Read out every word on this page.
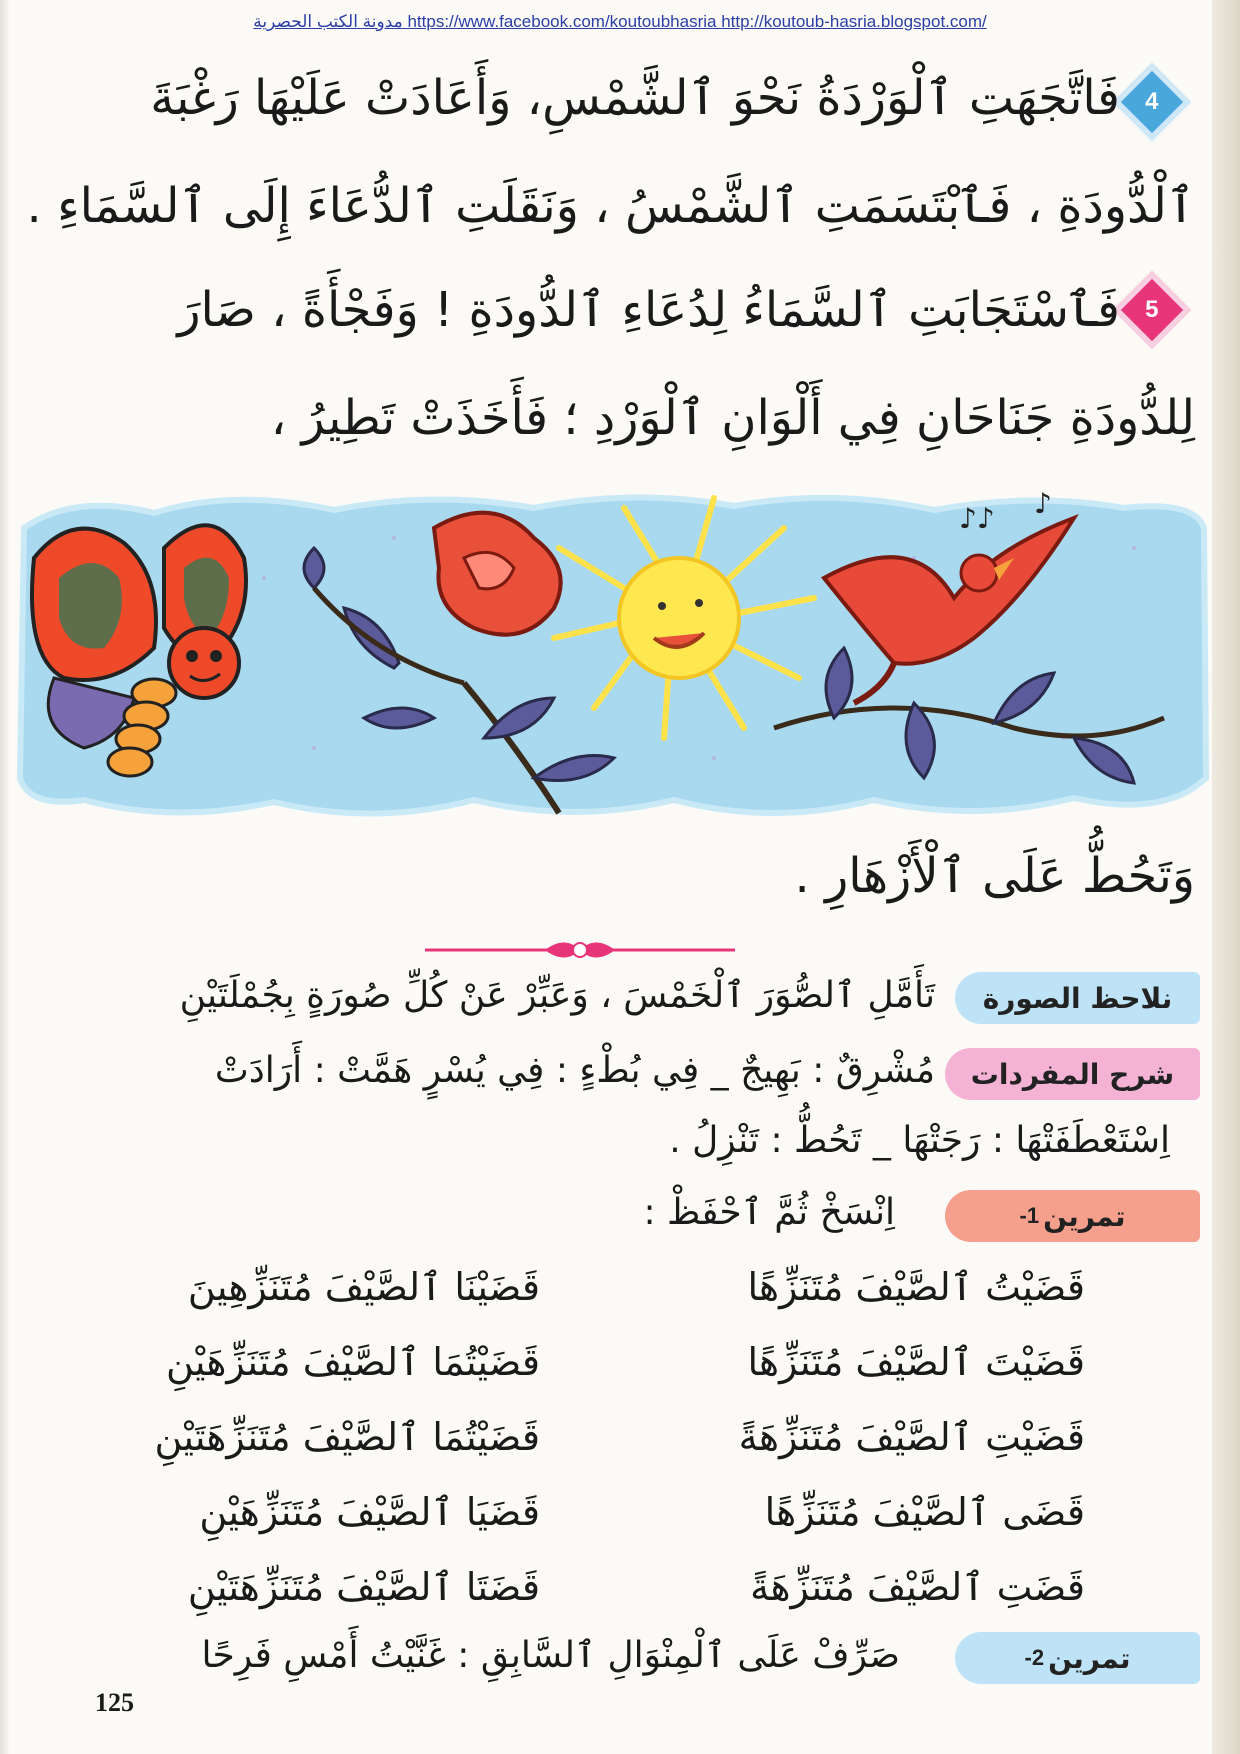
مدونة الكتب الحصرية https://www.facebook.com/koutoubhasria http://koutoub-hasria.blogspot.com/
4
فَاتَّجَهَتِ ٱلْوَرْدَةُ نَحْوَ ٱلشَّمْسِ، وَأَعَادَتْ عَلَيْهَا رَغْبَةَ
ٱلْدُّودَةِ ، فَٱبْتَسَمَتِ ٱلشَّمْسُ ، وَنَقَلَتِ ٱلدُّعَاءَ إِلَى ٱلسَّمَاءِ .
5
فَٱسْتَجَابَتِ ٱلسَّمَاءُ لِدُعَاءِ ٱلدُّودَةِ ! وَفَجْأَةً ، صَارَ
لِلدُّودَةِ جَنَاحَانِ فِي أَلْوَانِ ٱلْوَرْدِ ؛ فَأَخَذَتْ تَطِيرُ ،
♪♪ ♪
وَتَحُطُّ عَلَى ٱلْأَزْهَارِ .
نلاحظ الصورة
تَأَمَّلِ ٱلصُّوَرَ ٱلْخَمْسَ ، وَعَبِّرْ عَنْ كُلِّ صُورَةٍ بِجُمْلَتَيْنِ
شرح المفردات
مُشْرِقٌ : بَهِيجٌ _ فِي بُطْءٍ : فِي يُسْرٍ هَمَّتْ : أَرَادَتْ
اِسْتَعْطَفَتْهَا : رَجَتْهَا _ تَحُطُّ : تَنْزِلُ .
تمرين
1-
اِنْسَخْ ثُمَّ ٱحْفَظْ :
قَضَيْتُ ٱلصَّيْفَ مُتَنَزِّهًا
قَضَيْنَا ٱلصَّيْفَ مُتَنَزِّهِينَ
قَضَيْتَ ٱلصَّيْفَ مُتَنَزِّهًا
قَضَيْتُمَا ٱلصَّيْفَ مُتَنَزِّهَيْنِ
قَضَيْتِ ٱلصَّيْفَ مُتَنَزِّهَةً
قَضَيْتُمَا ٱلصَّيْفَ مُتَنَزِّهَتَيْنِ
قَضَى ٱلصَّيْفَ مُتَنَزِّهًا
قَضَيَا ٱلصَّيْفَ مُتَنَزِّهَيْنِ
قَضَتِ ٱلصَّيْفَ مُتَنَزِّهَةً
قَضَتَا ٱلصَّيْفَ مُتَنَزِّهَتَيْنِ
تمرين
2-
صَرِّفْ عَلَى ٱلْمِنْوَالِ ٱلسَّابِقِ : غَنَّيْتُ أَمْسِ فَرِحًا
125
